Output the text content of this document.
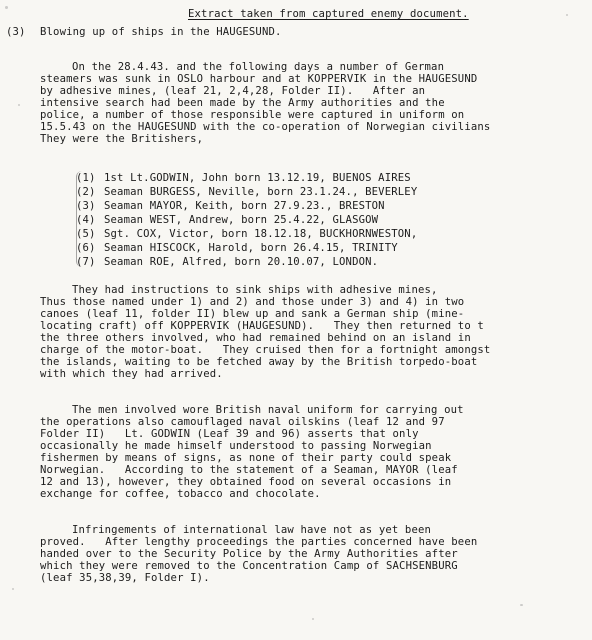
Extract taken from captured enemy document.
(3) Blowing up of ships in the HAUGESUND.
On the 28.4.43. and the following days a number of German
steamers was sunk in OSLO harbour and at KOPPERVIK in the HAUGESUND
by adhesive mines, (leaf 21, 2,4,28, Folder II).   After an
intensive search had been made by the Army authorities and the
police, a number of those responsible were captured in uniform on
15.5.43 on the HAUGESUND with the co-operation of Norwegian civilians
They were the Britishers,
(1) 1st Lt.GODWIN, John born 13.12.19, BUENOS AIRES
(2) Seaman BURGESS, Neville, born 23.1.24., BEVERLEY
(3) Seaman MAYOR, Keith, born 27.9.23., BRESTON
(4) Seaman WEST, Andrew, born 25.4.22, GLASGOW
(5) Sgt. COX, Victor, born 18.12.18, BUCKHORNWESTON,
(6) Seaman HISCOCK, Harold, born 26.4.15, TRINITY
(7) Seaman ROE, Alfred, born 20.10.07, LONDON.
They had instructions to sink ships with adhesive mines,
Thus those named under 1) and 2) and those under 3) and 4) in two
canoes (leaf 11, folder II) blew up and sank a German ship (mine-
locating craft) off KOPPERVIK (HAUGESUND).   They then returned to t
the three others involved, who had remained behind on an island in
charge of the motor-boat.   They cruised then for a fortnight amongst
the islands, waiting to be fetched away by the British torpedo-boat
with which they had arrived.
The men involved wore British naval uniform for carrying out
the operations also camouflaged naval oilskins (leaf 12 and 97
Folder II)   Lt. GODWIN (Leaf 39 and 96) asserts that only
occasionally he made himself understood to passing Norwegian
fishermen by means of signs, as none of their party could speak
Norwegian.   According to the statement of a Seaman, MAYOR (leaf
12 and 13), however, they obtained food on several occasions in
exchange for coffee, tobacco and chocolate.
Infringements of international law have not as yet been
proved.   After lengthy proceedings the parties concerned have been
handed over to the Security Police by the Army Authorities after
which they were removed to the Concentration Camp of SACHSENBURG
(leaf 35,38,39, Folder I).
